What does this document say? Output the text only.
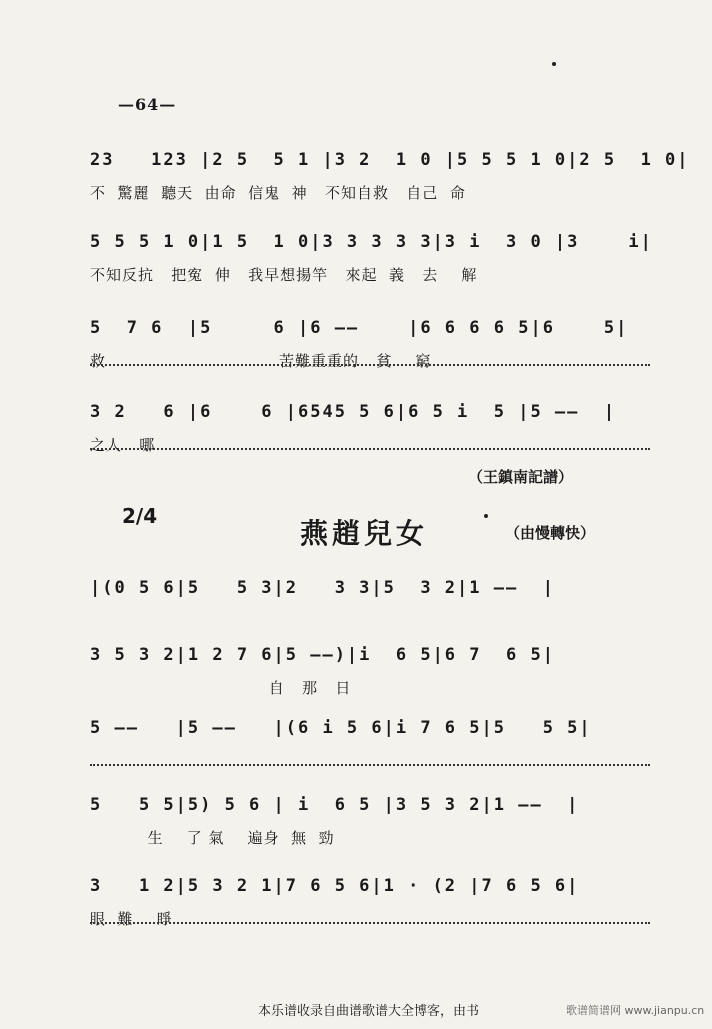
—64—
23   123 |2 5  5 1 |3 2  1 0 |5 5 5 1 0|2 5  1 0|
不  驚麗  聽天  由命  信鬼  神   不知自救   自己  命
5 5 5 1 0|1 5  1 0|3 3 3 3 3|3 i  3 0 |3    i|
不知反抗   把寃  伸   我早想揚竿   來起  義   去    解
5  7 6  |5     6 |6 ——    |6 6 6 6 5|6    5|
救                              苦難重重的   貧    窮
3 2   6 |6    6 |6545 5 6|6 5 i  5 |5 ——  |
之人   哪
（王鎮南記譜）
2/4
燕趙兒女	（由慢轉快）
|(0 5 6|5   5 3|2   3 3|5  3 2|1 ——  |
3 5 3 2|1 2 7 6|5 ——)|i  6 5|6 7  6 5|
自   那   日
5 ——   |5 ——   |(6 i 5 6|i 7 6 5|5   5 5|
5   5 5|5) 5 6 | i  6 5 |3 5 3 2|1 ——  |
生    了 氣    遍身  無  勁
3   1 2|5 3 2 1|7 6 5 6|1 · (2 |7 6 5 6|
眼  難    睜
本乐谱收录自曲谱歌谱大全博客，由书	歌谱简谱网 www.jianpu.cn
